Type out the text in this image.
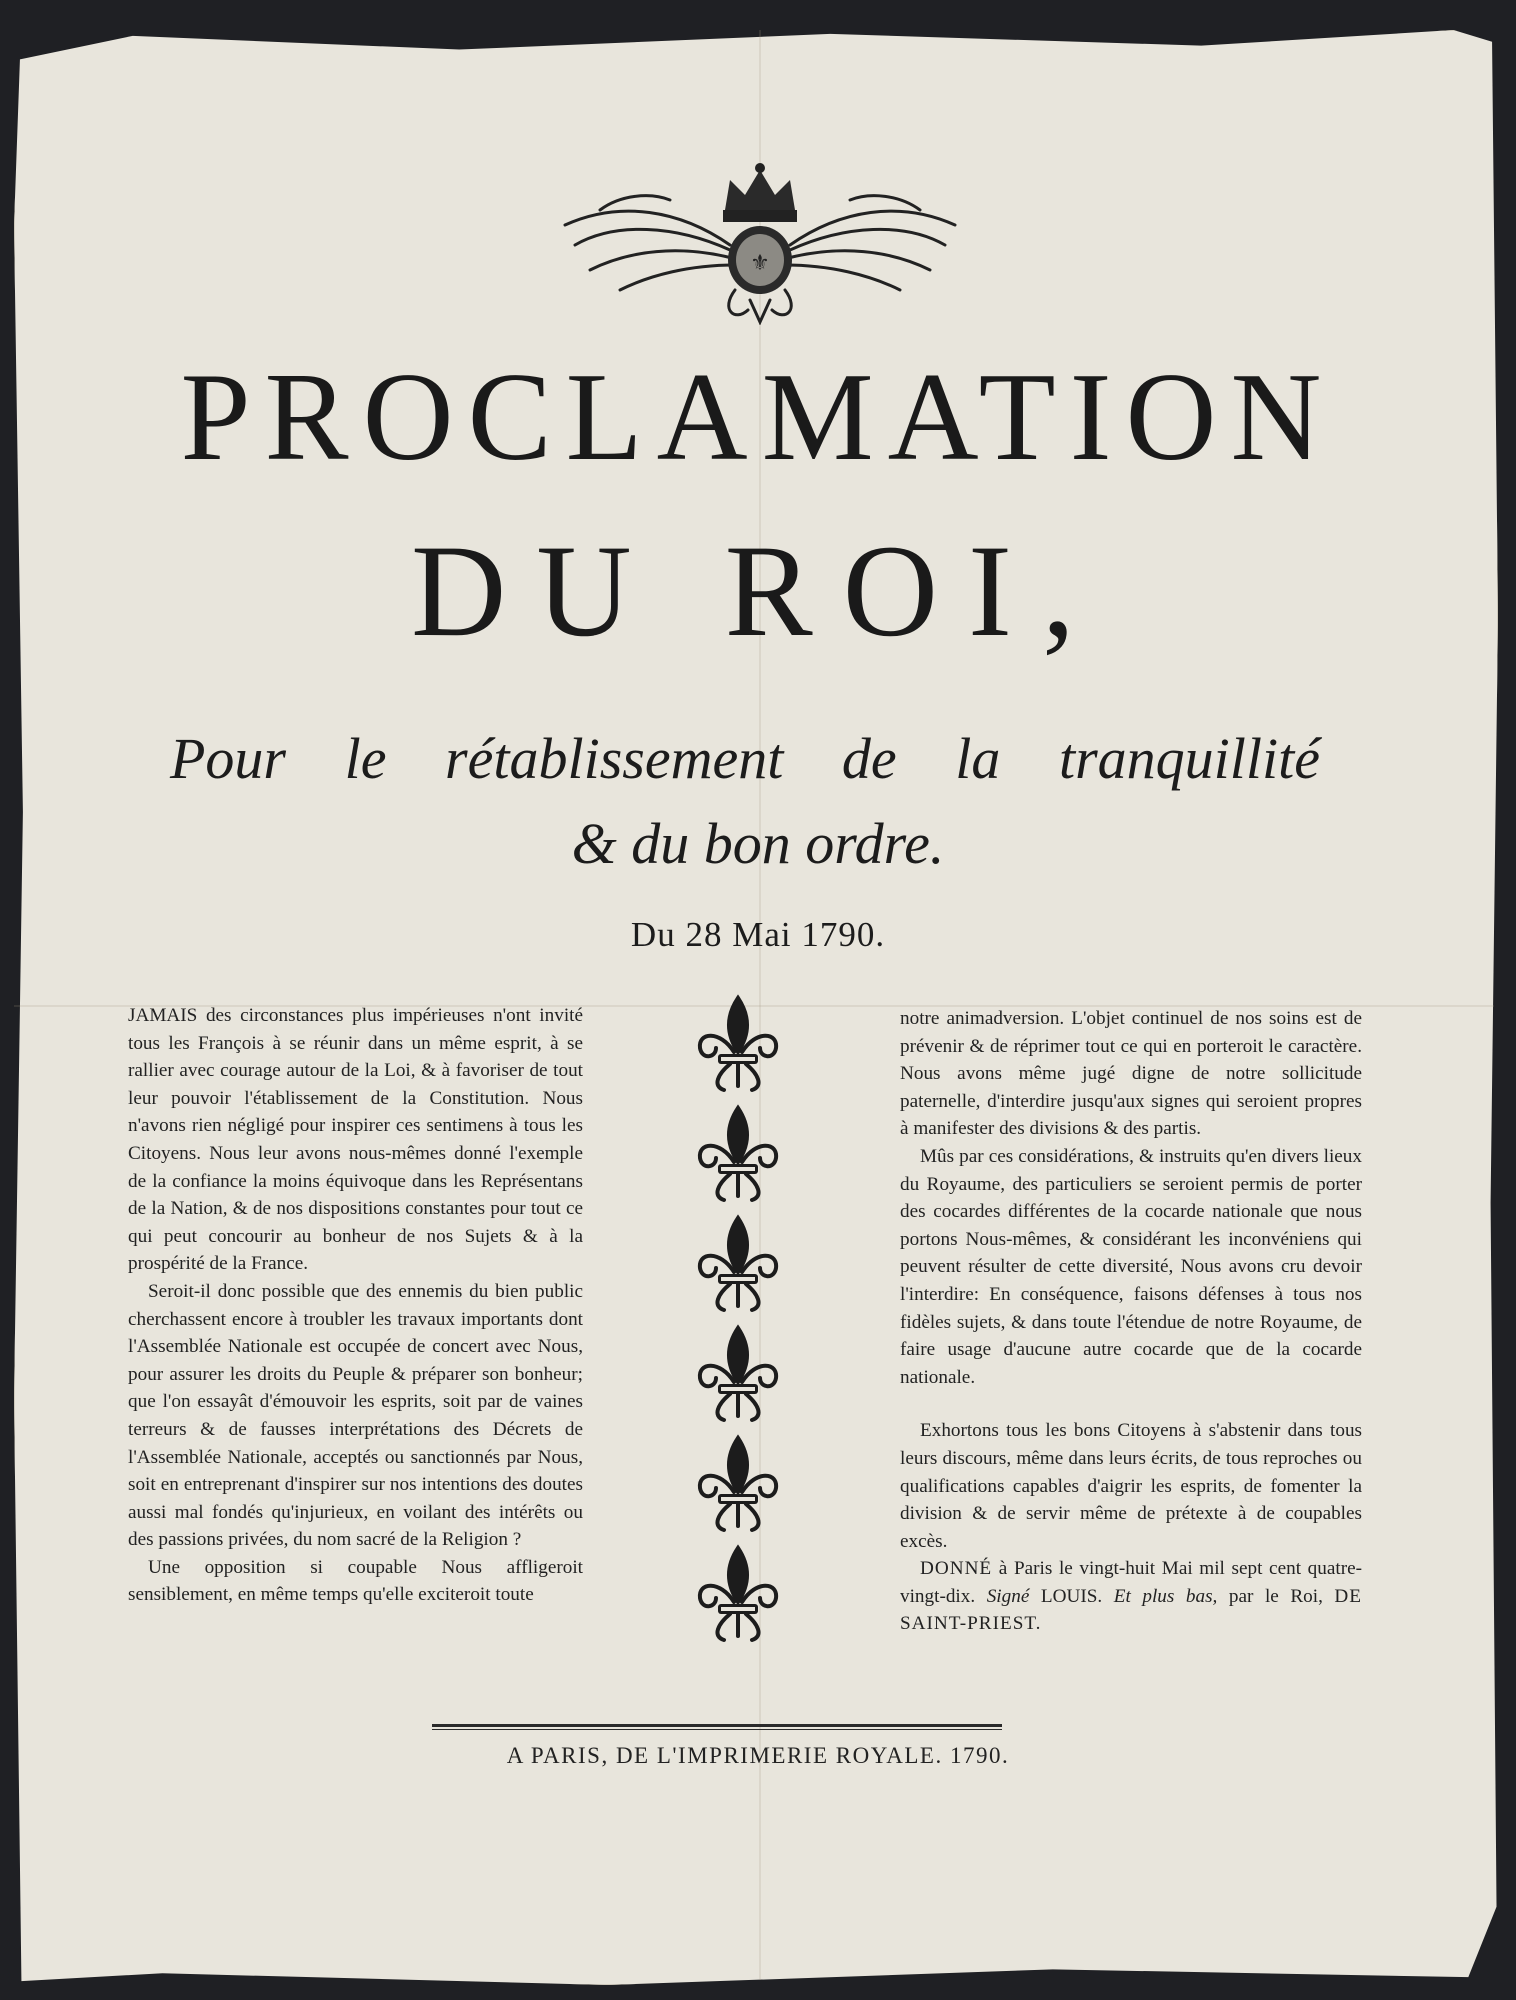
⚜
PROCLAMATION
DU ROI,
Pour le rétablissement de la tranquillité
& du bon ordre.
Du 28 Mai 1790.

JAMAIS des circonstances plus impérieuses n'ont invité tous les François à se réunir dans un même esprit, à se rallier avec courage autour de la Loi, & à favoriser de tout leur pouvoir l'établissement de la Constitution. Nous n'avons rien négligé pour inspirer ces sentimens à tous les Citoyens. Nous leur avons nous-mêmes donné l'exemple de la confiance la moins équivoque dans les Représentans de la Nation, & de nos dispositions constantes pour tout ce qui peut concourir au bonheur de nos Sujets & à la prospérité de la France.

Seroit-il donc possible que des ennemis du bien public cherchassent encore à troubler les travaux importants dont l'Assemblée Nationale est occupée de concert avec Nous, pour assurer les droits du Peuple & préparer son bonheur; que l'on essayât d'émouvoir les esprits, soit par de vaines terreurs & de fausses interprétations des Décrets de l'Assemblée Nationale, acceptés ou sanctionnés par Nous, soit en entreprenant d'inspirer sur nos intentions des doutes aussi mal fondés qu'injurieux, en voilant des intérêts ou des passions privées, du nom sacré de la Religion ?

Une opposition si coupable Nous affligeroit sensiblement, en même temps qu'elle exciteroit toute

notre animadversion. L'objet continuel de nos soins est de prévenir & de réprimer tout ce qui en porteroit le caractère. Nous avons même jugé digne de notre sollicitude paternelle, d'interdire jusqu'aux signes qui seroient propres à manifester des divisions & des partis.

Mûs par ces considérations, & instruits qu'en divers lieux du Royaume, des particuliers se seroient permis de porter des cocardes différentes de la cocarde nationale que nous portons Nous-mêmes, & considérant les inconvéniens qui peuvent résulter de cette diversité, Nous avons cru devoir l'interdire: En conséquence, faisons défenses à tous nos fidèles sujets, & dans toute l'étendue de notre Royaume, de faire usage d'aucune autre cocarde que de la cocarde nationale.

Exhortons tous les bons Citoyens à s'abstenir dans tous leurs discours, même dans leurs écrits, de tous reproches ou qualifications capables d'aigrir les esprits, de fomenter la division & de servir même de prétexte à de coupables excès.

DONNÉ à Paris le vingt-huit Mai mil sept cent quatre-vingt-dix. Signé LOUIS. Et plus bas, par le Roi, DE SAINT-PRIEST.

A PARIS, DE L'IMPRIMERIE ROYALE. 1790.
